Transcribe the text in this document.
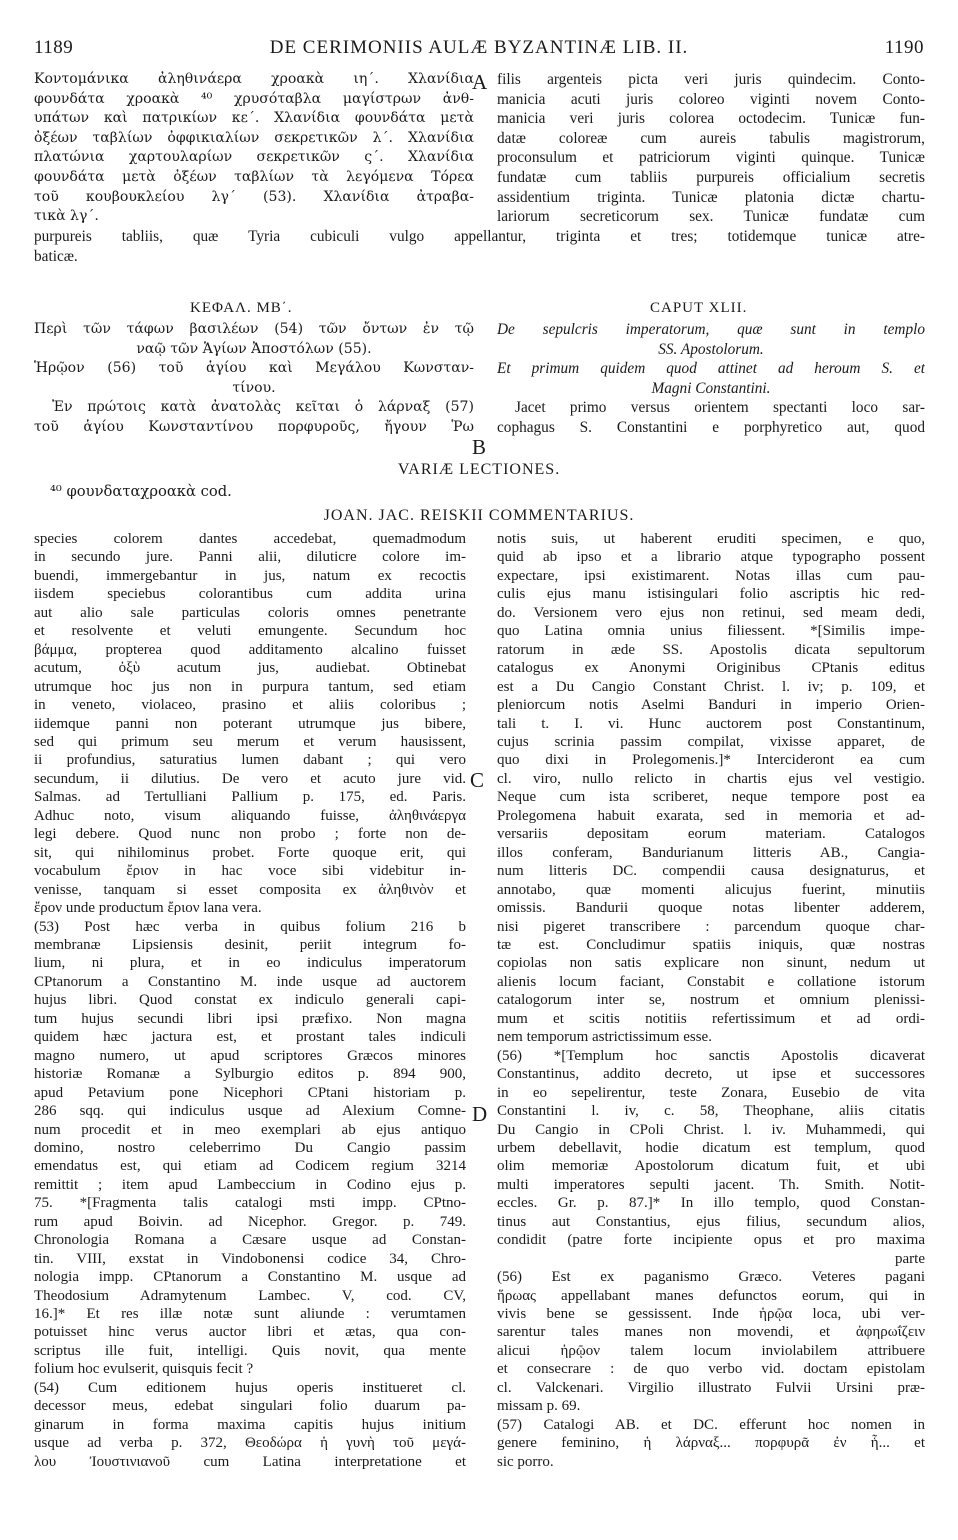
1189	DE CERIMONIIS AULÆ BYZANTINÆ LIB. II.	1190
Κοντομάνικα ἀληθινάερα χροακὰ ιη΄. Χλανίδια
φουνδάτα χροακὰ ⁴⁰ χρυσόταβλα μαγίστρων ἀνθ-
υπάτων καὶ πατρικίων κε΄. Χλανίδια φουνδάτα μετὰ
ὀξέων ταβλίων ὀφφικιαλίων σεκρετικῶν λ΄. Χλανίδια
πλατώνια χαρτουλαρίων σεκρετικῶν ς΄. Χλανίδια
φουνδάτα μετὰ ὀξέων ταβλίων τὰ λεγόμενα Τόρεα
τοῦ κουβουκλείου λγ΄ (53). Χλανίδια ἀτραβα-
τικὰ λγ΄.
A filis argenteis picta veri juris quindecim. Conto-
manicia acuti juris coloreo viginti novem Conto-
manicia veri juris colorea octodecim. Tunicæ fun-
datæ coloreæ cum aureis tabulis magistrorum,
proconsulum et patriciorum viginti quinque. Tunicæ
fundatæ cum tabliis purpureis officialium secretis
assidentium triginta. Tunicæ platonia dictæ chartu-
lariorum secreticorum sex. Tunicæ fundatæ cum
purpureis tabliis, quæ Tyria cubiculi vulgo appellantur, triginta et tres; totidemque tunicæ atre-
baticæ.
ΚΕΦΑΛ. ΜΒ΄.	CAPUT XLII.
Περὶ τῶν τάφων βασιλέων (54) τῶν ὄντων ἐν τῷ
ναῷ τῶν Ἁγίων Ἀποστόλων (55).
Ἡρῷον (56) τοῦ ἁγίου καὶ Μεγάλου Κωνσταν-
τίνου.
Ἐν πρώτοις κατὰ ἀνατολὰς κεῖται ὁ λάρναξ (57)
τοῦ ἁγίου Κωνσταντίνου πορφυροῦς, ἤγουν Ῥω
B
De sepulcris imperatorum, quæ sunt in templo
SS. Apostolorum.
Et primum quidem quod attinet ad heroum S. et
Magni Constantini.
Jacet primo versus orientem spectanti loco sar-
cophagus S. Constantini e porphyretico aut, quod
VARIÆ LECTIONES.
⁴⁰ φουνδαταχροακὰ cod.
JOAN. JAC. REISKII COMMENTARIUS.
species colorem dantes accedebat, quemadmodum
in secundo jure. Panni alii, diluticre colore im-
buendi, immergebantur in jus, natum ex recoctis
iisdem speciebus colorantibus cum addita urina
aut alio sale particulas coloris omnes penetrante
et resolvente et veluti emungente. Secundum hoc
βάμμα, propterea quod additamento alcalino fuisset
acutum, ὀξὺ acutum jus, audiebat. Obtinebat
utrumque hoc jus non in purpura tantum, sed etiam
in veneto, violaceo, prasino et aliis coloribus ;
iidemque panni non poterant utrumque jus bibere,
sed qui primum seu merum et verum hausissent,
ii profundius, saturatius lumen dabant ; qui vero
secundum, ii dilutius. De vero et acuto jure vid.
Salmas. ad Tertulliani Pallium p. 175, ed. Paris.
Adhuc noto, visum aliquando fuisse, ἀληθινάεργα
legi debere. Quod nunc non probo ; forte non de-
sit, qui nihilominus probet. Forte quoque erit, qui
vocabulum ἔριον in hac voce sibi videbitur in-
venisse, tanquam si esset composita ex ἀληθινὸν et
ἔρον unde productum ἔριον lana vera.
(53) Post hæc verba in quibus folium 216 b
membranæ Lipsiensis desinit, periit integrum fo-
lium, ni plura, et in eo indiculus imperatorum
CPtanorum a Constantino M. inde usque ad auctorem
hujus libri. Quod constat ex indiculo generali capi-
tum hujus secundi libri ipsi præfixo. Non magna
quidem hæc jactura est, et prostant tales indiculi
magno numero, ut apud scriptores Græcos minores
historiæ Romanæ a Sylburgio editos p. 894 900,
apud Petavium pone Nicephori CPtani historiam p.
286 sqq. qui indiculus usque ad Alexium Comne-
num procedit et in meo exemplari ab ejus antiquo
domino, nostro celeberrimo Du Cangio passim
emendatus est, qui etiam ad Codicem regium 3214
remittit ; item apud Lambeccium in Codino ejus p.
75. *[Fragmenta talis catalogi msti impp. CPtno-
rum apud Boivin. ad Nicephor. Gregor. p. 749.
Chronologia Romana a Cæsare usque ad Constan-
tin. VIII, exstat in Vindobonensi codice 34, Chro-
nologia impp. CPtanorum a Constantino M. usque ad
Theodosium Adramytenum Lambec. V, cod. CV,
16.]* Et res illæ notæ sunt aliunde : verumtamen
potuisset hinc verus auctor libri et ætas, qua con-
scriptus ille fuit, intelligi. Quis novit, qua mente
folium hoc evulserit, quisquis fecit ?
(54) Cum editionem hujus operis institueret cl.
decessor meus, edebat singulari folio duarum pa-
ginarum in forma maxima capitis hujus initium
usque ad verba p. 372, Θεοδώρα ἡ γυνὴ τοῦ μεγά-
λου Ἰουστινιανοῦ cum Latina interpretatione et
C
D
notis suis, ut haberent eruditi specimen, e quo,
quid ab ipso et a librario atque typographo possent
expectare, ipsi existimarent. Notas illas cum pau-
culis ejus manu istisingulari folio ascriptis hic red-
do. Versionem vero ejus non retinui, sed meam dedi,
quo Latina omnia unius filiessent. *[Similis impe-
ratorum in æde SS. Apostolis dicata sepultorum
catalogus ex Anonymi Originibus CPtanis editus
est a Du Cangio Constant Christ. l. iv; p. 109, et
pleniorcum notis Aselmi Banduri in imperio Orien-
tali t. I. vi. Hunc auctorem post Constantinum,
cujus scrinia passim compilat, vixisse apparet, de
quo dixi in Prolegomenis.]* Intercideront ea cum
cl. viro, nullo relicto in chartis ejus vel vestigio.
Neque cum ista scriberet, neque tempore post ea
Prolegomena habuit exarata, sed in memoria et ad-
versariis depositam eorum materiam. Catalogos
illos conferam, Bandurianum litteris AB., Cangia-
num litteris DC. compendii causa designaturus, et
annotabo, quæ momenti alicujus fuerint, minutiis
omissis. Bandurii quoque notas libenter adderem,
nisi pigeret transcribere : parcendum quoque char-
tæ est. Concludimur spatiis iniquis, quæ nostras
copiolas non satis explicare non sinunt, nedum ut
alienis locum faciant, Constabit e collatione istorum
catalogorum inter se, nostrum et omnium plenissi-
mum et scitis notitiis refertissimum et ad ordi-
nem temporum astrictissimum esse.
(56) *[Templum hoc sanctis Apostolis dicaverat
Constantinus, addito decreto, ut ipse et successores
in eo sepelirentur, teste Zonara, Eusebio de vita
Constantini l. iv, c. 58, Theophane, aliis citatis
Du Cangio in CPoli Christ. l. iv. Muhammedi, qui
urbem debellavit, hodie dicatum est templum, quod
olim memoriæ Apostolorum dicatum fuit, et ubi
multi imperatores sepulti jacent. Th. Smith. Notit-
eccles. Gr. p. 87.]* In illo templo, quod Constan-
tinus aut Constantius, ejus filius, secundum alios,
condidit (patre forte incipiente opus et pro maxima
parte
(56) Est ex paganismo Græco. Veteres pagani
ἥρωας appellabant manes defunctos eorum, qui in
vivis bene se gessissent. Inde ἡρῷα loca, ubi ver-
sarentur tales manes non movendi, et ἀφηρωΐζειν
alicui ἡρῷον talem locum inviolabilem attribuere
et consecrare : de quo verbo vid. doctam epistolam
cl. Valckenari. Virgilio illustrato Fulvii Ursini præ-
missam p. 69.
(57) Catalogi AB. et DC. efferunt hoc nomen in
genere feminino, ἡ λάρναξ... πορφυρᾶ ἐν ἧ... et
sic porro.
